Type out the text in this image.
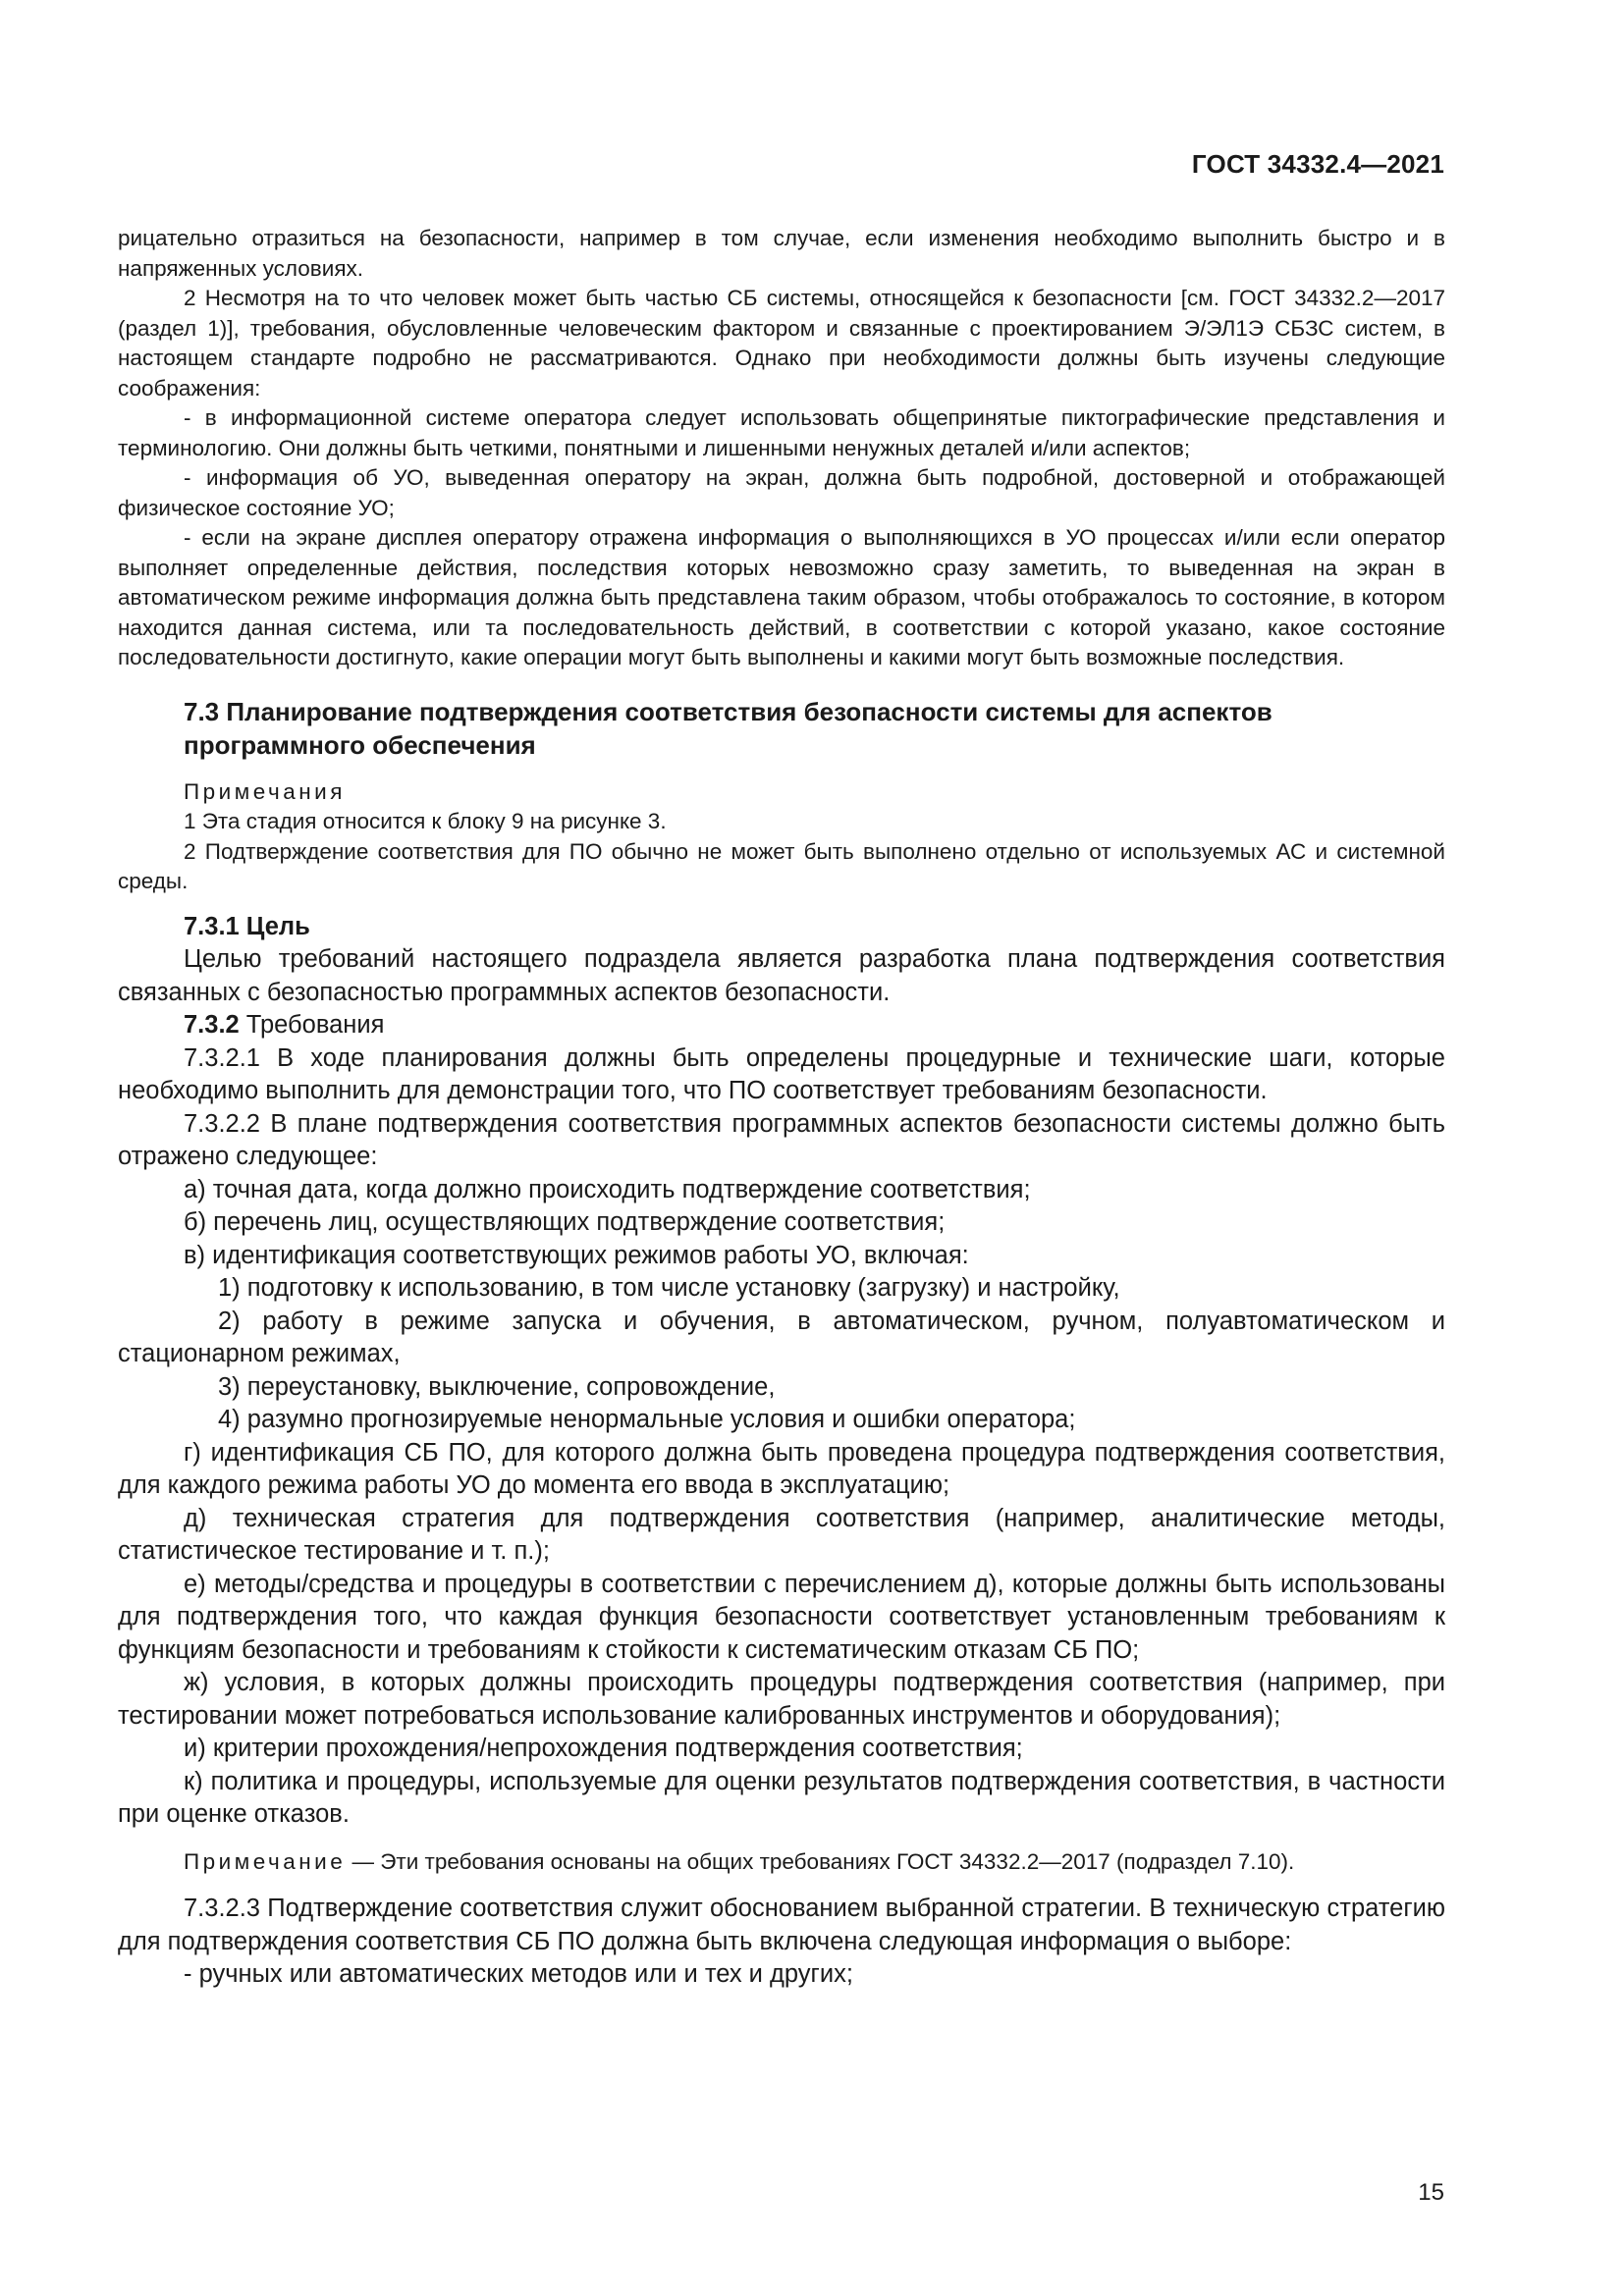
ГОСТ 34332.4—2021

рицательно отразиться на безопасности, например в том случае, если изменения необходимо выполнить быстро и в напряженных условиях.

2 Несмотря на то что человек может быть частью СБ системы, относящейся к безопасности [см. ГОСТ 34332.2—2017 (раздел 1)], требования, обусловленные человеческим фактором и связанные с проектированием Э/ЭЛ1Э СБЗС систем, в настоящем стандарте подробно не рассматриваются. Однако при необходимости должны быть изучены следующие соображения:

- в информационной системе оператора следует использовать общепринятые пиктографические представления и терминологию. Они должны быть четкими, понятными и лишенными ненужных деталей и/или аспектов;

- информация об УО, выведенная оператору на экран, должна быть подробной, достоверной и отображающей физическое состояние УО;

- если на экране дисплея оператору отражена информация о выполняющихся в УО процессах и/или если оператор выполняет определенные действия, последствия которых невозможно сразу заметить, то выведенная на экран в автоматическом режиме информация должна быть представлена таким образом, чтобы отображалось то состояние, в котором находится данная система, или та последовательность действий, в соответствии с которой указано, какое состояние последовательности достигнуто, какие операции могут быть выполнены и какими могут быть возможные последствия.

7.3 Планирование подтверждения соответствия безопасности системы для аспектов программного обеспечения

Примечания

1 Эта стадия относится к блоку 9 на рисунке 3.

2 Подтверждение соответствия для ПО обычно не может быть выполнено отдельно от используемых АС и системной среды.

7.3.1 Цель

Целью требований настоящего подраздела является разработка плана подтверждения соответствия связанных с безопасностью программных аспектов безопасности.

7.3.2 Требования

7.3.2.1 В ходе планирования должны быть определены процедурные и технические шаги, которые необходимо выполнить для демонстрации того, что ПО соответствует требованиям безопасности.

7.3.2.2 В плане подтверждения соответствия программных аспектов безопасности системы должно быть отражено следующее:

а) точная дата, когда должно происходить подтверждение соответствия;

б) перечень лиц, осуществляющих подтверждение соответствия;

в) идентификация соответствующих режимов работы УО, включая:

1) подготовку к использованию, в том числе установку (загрузку) и настройку,

2) работу в режиме запуска и обучения, в автоматическом, ручном, полуавтоматическом и стационарном режимах,

3) переустановку, выключение, сопровождение,

4) разумно прогнозируемые ненормальные условия и ошибки оператора;

г) идентификация СБ ПО, для которого должна быть проведена процедура подтверждения соответствия, для каждого режима работы УО до момента его ввода в эксплуатацию;

д) техническая стратегия для подтверждения соответствия (например, аналитические методы, статистическое тестирование и т. п.);

е) методы/средства и процедуры в соответствии с перечислением д), которые должны быть использованы для подтверждения того, что каждая функция безопасности соответствует установленным требованиям к функциям безопасности и требованиям к стойкости к систематическим отказам СБ ПО;

ж) условия, в которых должны происходить процедуры подтверждения соответствия (например, при тестировании может потребоваться использование калиброванных инструментов и оборудования);

и) критерии прохождения/непрохождения подтверждения соответствия;

к) политика и процедуры, используемые для оценки результатов подтверждения соответствия, в частности при оценке отказов.

Примечание — Эти требования основаны на общих требованиях ГОСТ 34332.2—2017 (подраздел 7.10).

7.3.2.3 Подтверждение соответствия служит обоснованием выбранной стратегии. В техническую стратегию для подтверждения соответствия СБ ПО должна быть включена следующая информация о выборе:

- ручных или автоматических методов или и тех и других;

15
